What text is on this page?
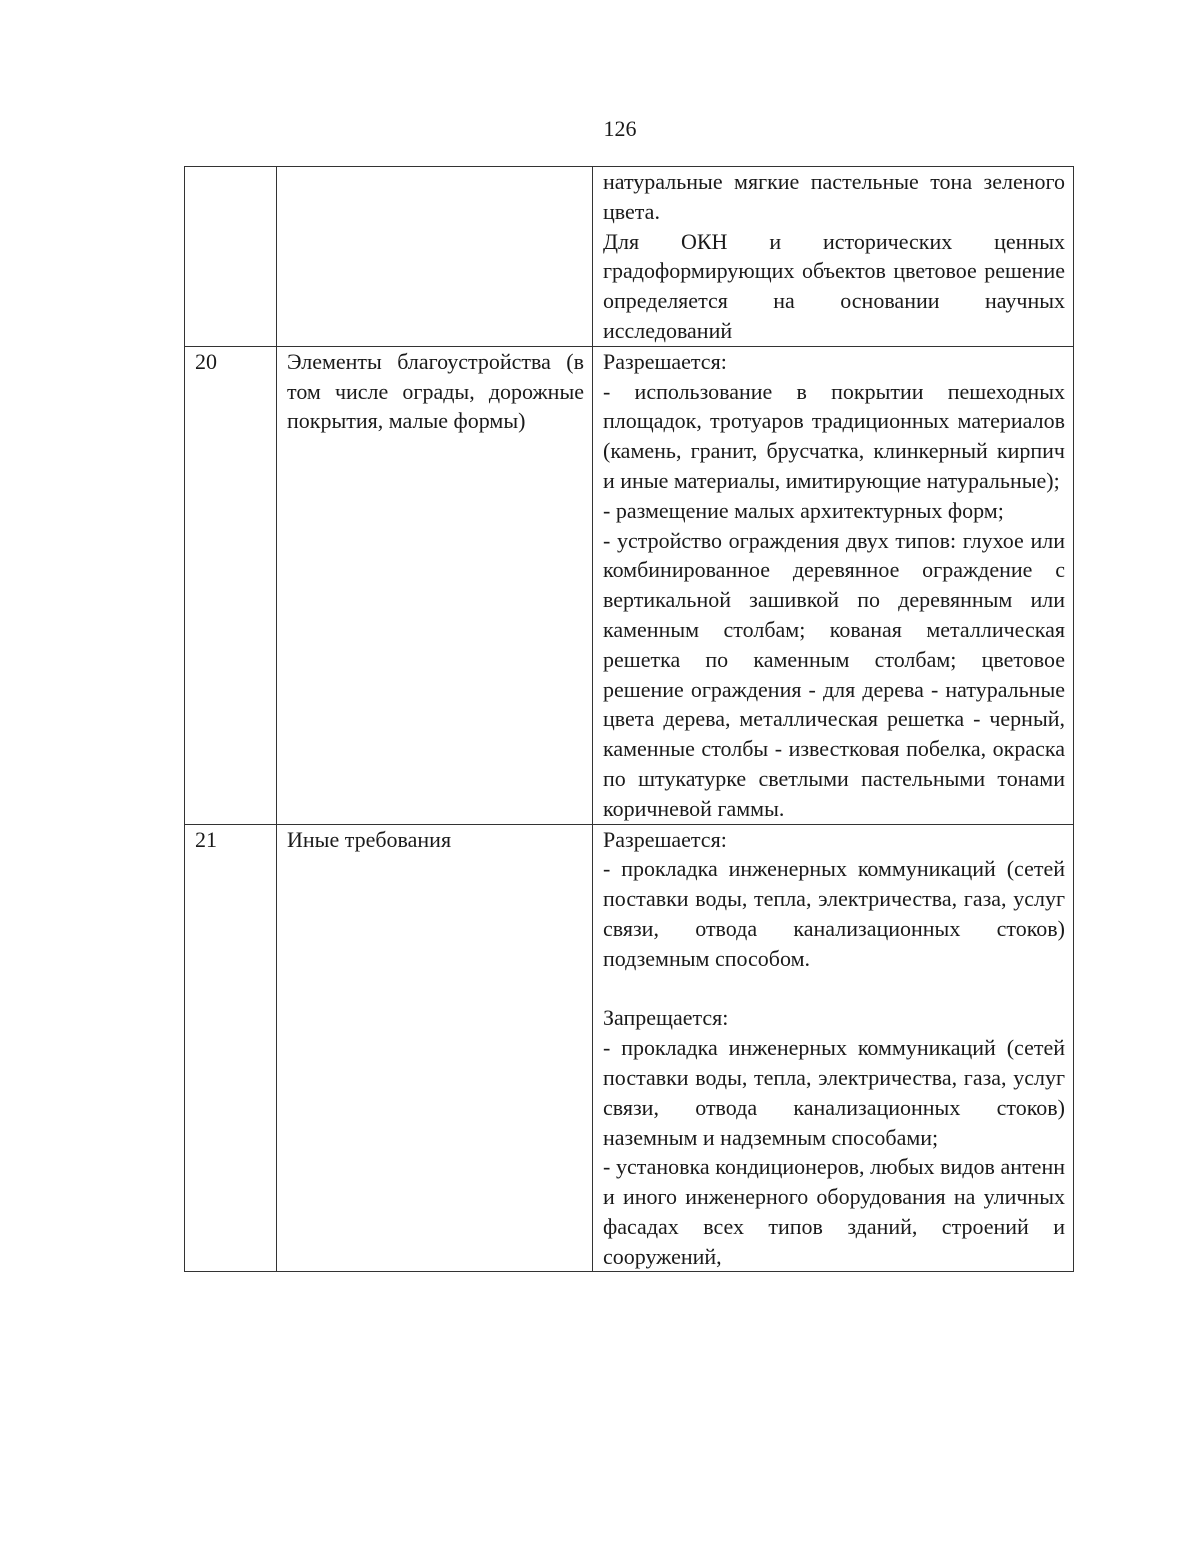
126

		натуральные мягкие пастельные тона зеленого цвета.
Для ОКН и исторических ценных градоформирующих объектов цветовое решение определяется на основании научных исследований

20	Элементы благоустройства (в том числе ограды, дорожные покрытия, малые формы)	Разрешается:
- использование в покрытии пешеходных площадок, тротуаров традиционных материалов (камень, гранит, брусчатка, клинкерный кирпич и иные материалы, имитирующие натуральные);
- размещение малых архитектурных форм;
- устройство ограждения двух типов: глухое или комбинированное деревянное ограждение с вертикальной зашивкой по деревянным или каменным столбам; кованая металлическая решетка по каменным столбам; цветовое решение ограждения - для дерева - натуральные цвета дерева, металлическая решетка - черный, каменные столбы - известковая побелка, окраска по штукатурке светлыми пастельными тонами коричневой гаммы.

21	Иные требования	Разрешается:
- прокладка инженерных коммуникаций (сетей поставки воды, тепла, электричества, газа, услуг связи, отвода канализационных стоков) подземным способом.
Запрещается:
- прокладка инженерных коммуникаций (сетей поставки воды, тепла, электричества, газа, услуг связи, отвода канализационных стоков) наземным и надземным способами;
- установка кондиционеров, любых видов антенн и иного инженерного оборудования на уличных фасадах всех типов зданий, строений и сооружений,
